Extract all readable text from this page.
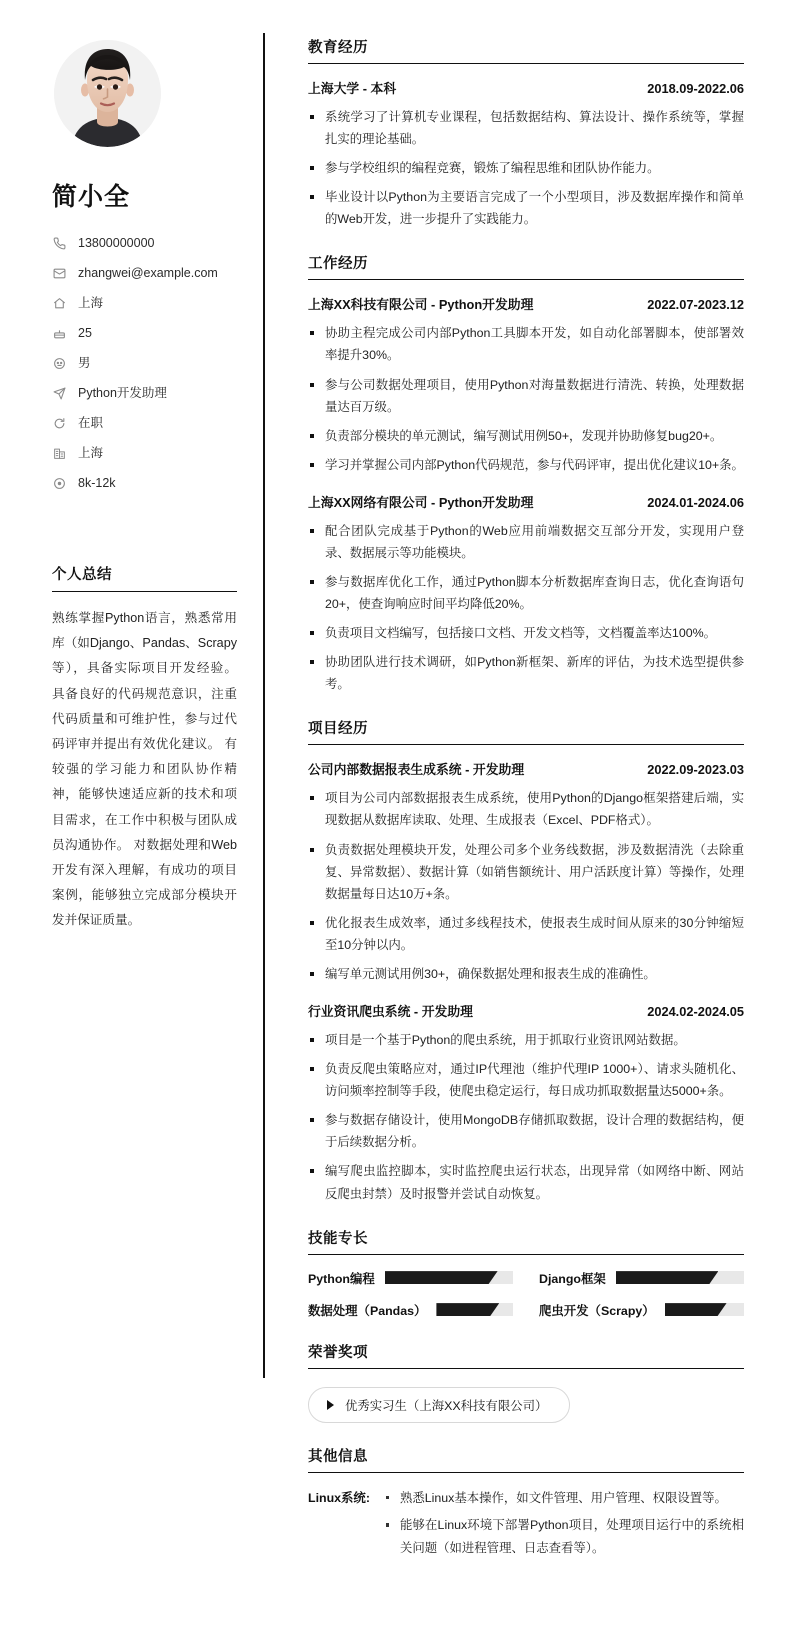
简小全
13800000000
zhangwei@example.com
上海
25
男
Python开发助理
在职
上海
8k-12k
个人总结

熟练掌握Python语言，熟悉常用库（如Django、Pandas、Scrapy等），具备实际项目开发经验。 具备良好的代码规范意识，注重代码质量和可维护性，参与过代码评审并提出有效优化建议。 有较强的学习能力和团队协作精神，能够快速适应新的技术和项目需求，在工作中积极与团队成员沟通协作。 对数据处理和Web开发有深入理解，有成功的项目案例，能够独立完成部分模块开发并保证质量。

教育经历
上海大学 - 本科	2018.09-2022.06
系统学习了计算机专业课程，包括数据结构、算法设计、操作系统等，掌握扎实的理论基础。
参与学校组织的编程竞赛，锻炼了编程思维和团队协作能力。
毕业设计以Python为主要语言完成了一个小型项目，涉及数据库操作和简单的Web开发，进一步提升了实践能力。
工作经历
上海XX科技有限公司 - Python开发助理	2022.07-2023.12
协助主程完成公司内部Python工具脚本开发，如自动化部署脚本，使部署效率提升30%。
参与公司数据处理项目，使用Python对海量数据进行清洗、转换，处理数据量达百万级。
负责部分模块的单元测试，编写测试用例50+，发现并协助修复bug20+。
学习并掌握公司内部Python代码规范，参与代码评审，提出优化建议10+条。
上海XX网络有限公司 - Python开发助理	2024.01-2024.06
配合团队完成基于Python的Web应用前端数据交互部分开发，实现用户登录、数据展示等功能模块。
参与数据库优化工作，通过Python脚本分析数据库查询日志，优化查询语句20+，使查询响应时间平均降低20%。
负责项目文档编写，包括接口文档、开发文档等，文档覆盖率达100%。
协助团队进行技术调研，如Python新框架、新库的评估，为技术选型提供参考。
项目经历
公司内部数据报表生成系统 - 开发助理	2022.09-2023.03
项目为公司内部数据报表生成系统，使用Python的Django框架搭建后端，实现数据从数据库读取、处理、生成报表（Excel、PDF格式）。
负责数据处理模块开发，处理公司多个业务线数据，涉及数据清洗（去除重复、异常数据）、数据计算（如销售额统计、用户活跃度计算）等操作，处理数据量每日达10万+条。
优化报表生成效率，通过多线程技术，使报表生成时间从原来的30分钟缩短至10分钟以内。
编写单元测试用例30+，确保数据处理和报表生成的准确性。
行业资讯爬虫系统 - 开发助理	2024.02-2024.05
项目是一个基于Python的爬虫系统，用于抓取行业资讯网站数据。
负责反爬虫策略应对，通过IP代理池（维护代理IP 1000+）、请求头随机化、访问频率控制等手段，使爬虫稳定运行，每日成功抓取数据量达5000+条。
参与数据存储设计，使用MongoDB存储抓取数据，设计合理的数据结构，便于后续数据分析。
编写爬虫监控脚本，实时监控爬虫运行状态，出现异常（如网络中断、网站反爬虫封禁）及时报警并尝试自动恢复。
技能专长
Python编程	Django框架
数据处理（Pandas）	爬虫开发（Scrapy）
荣誉奖项
优秀实习生（上海XX科技有限公司）
其他信息
Linux系统:	熟悉Linux基本操作，如文件管理、用户管理、权限设置等。
能够在Linux环境下部署Python项目，处理项目运行中的系统相关问题（如进程管理、日志查看等）。
